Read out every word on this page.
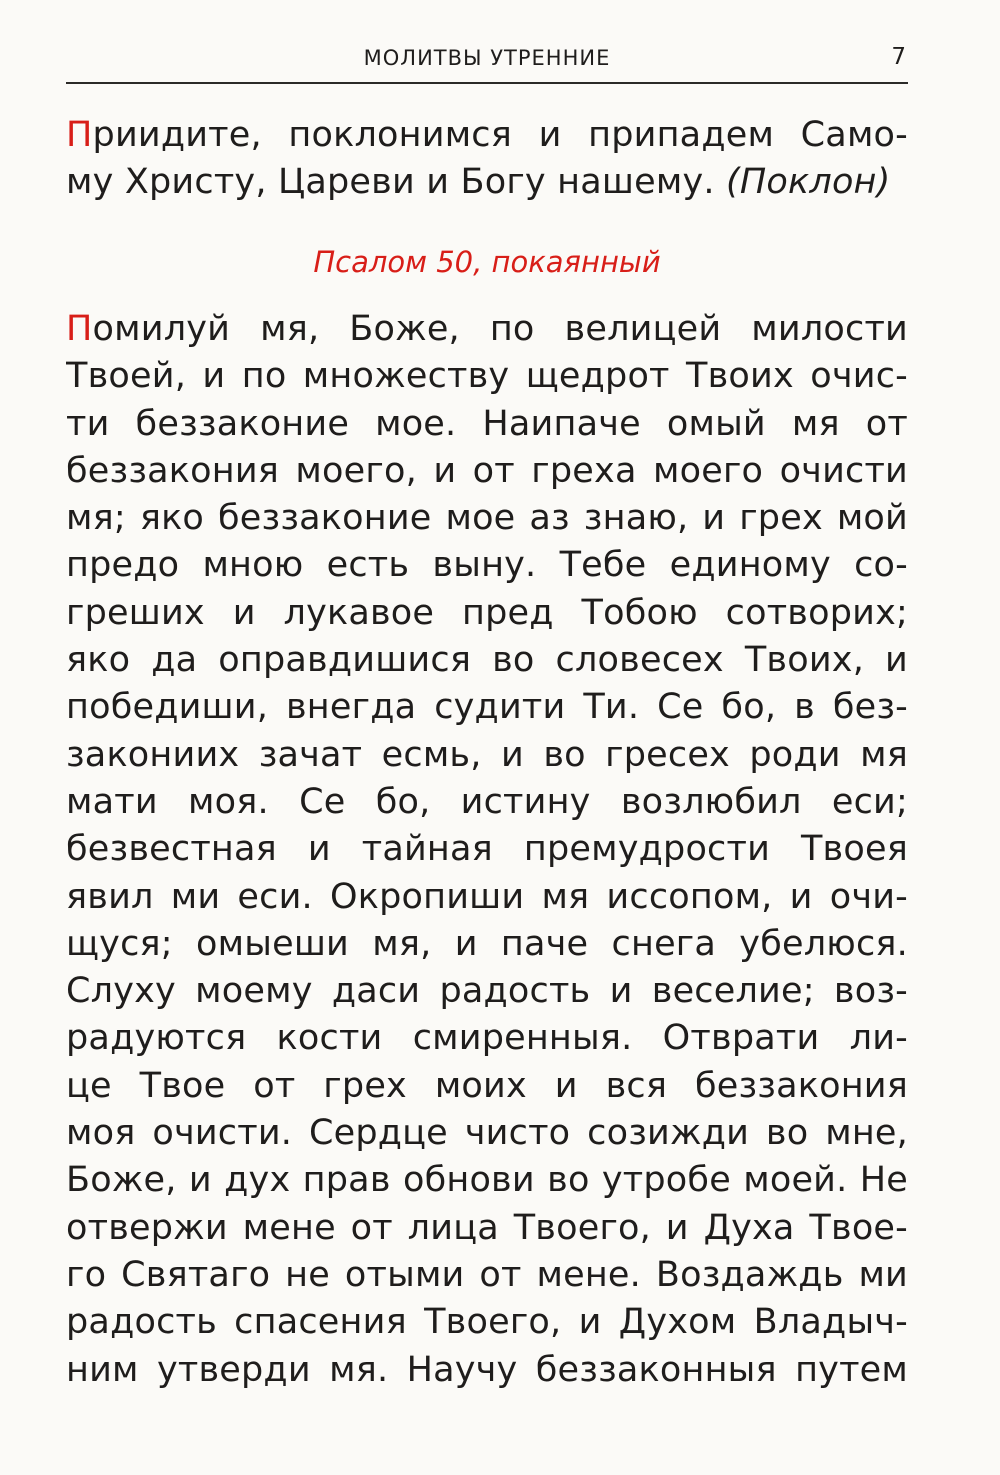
МОЛИТВЫ УТРЕННИЕ	7
Приидите, поклонимся и припадем Само-
му Христу, Цареви и Богу нашему. (Поклон)
Псалом 50, покаянный
Помилуй мя, Боже, по велицей милости
Твоей, и по множеству щедрот Твоих очис-
ти беззаконие мое. Наипаче омый мя от
беззакония моего, и от греха моего очисти
мя; яко беззаконие мое аз знаю, и грех мой
предо мною есть выну. Тебе единому со-
греших и лукавое пред Тобою сотворих;
яко да оправдишися во словесех Твоих, и
победиши, внегда судити Ти. Се бо, в без-
закониих зачат есмь, и во гресех роди мя
мати моя. Се бо, истину возлюбил еси;
безвестная и тайная премудрости Твоея
явил ми еси. Окропиши мя иссопом, и очи-
щуся; омыеши мя, и паче снега убелюся.
Слуху моему даси радость и веселие; воз-
радуются кости смиренныя. Отврати ли-
це Твое от грех моих и вся беззакония
моя очисти. Сердце чисто созижди во мне,
Боже, и дух прав обнови во утробе моей. Не
отвержи мене от лица Твоего, и Духа Твое-
го Святаго не отыми от мене. Воздаждь ми
радость спасения Твоего, и Духом Владыч-
ним утверди мя. Научу беззаконныя путем
